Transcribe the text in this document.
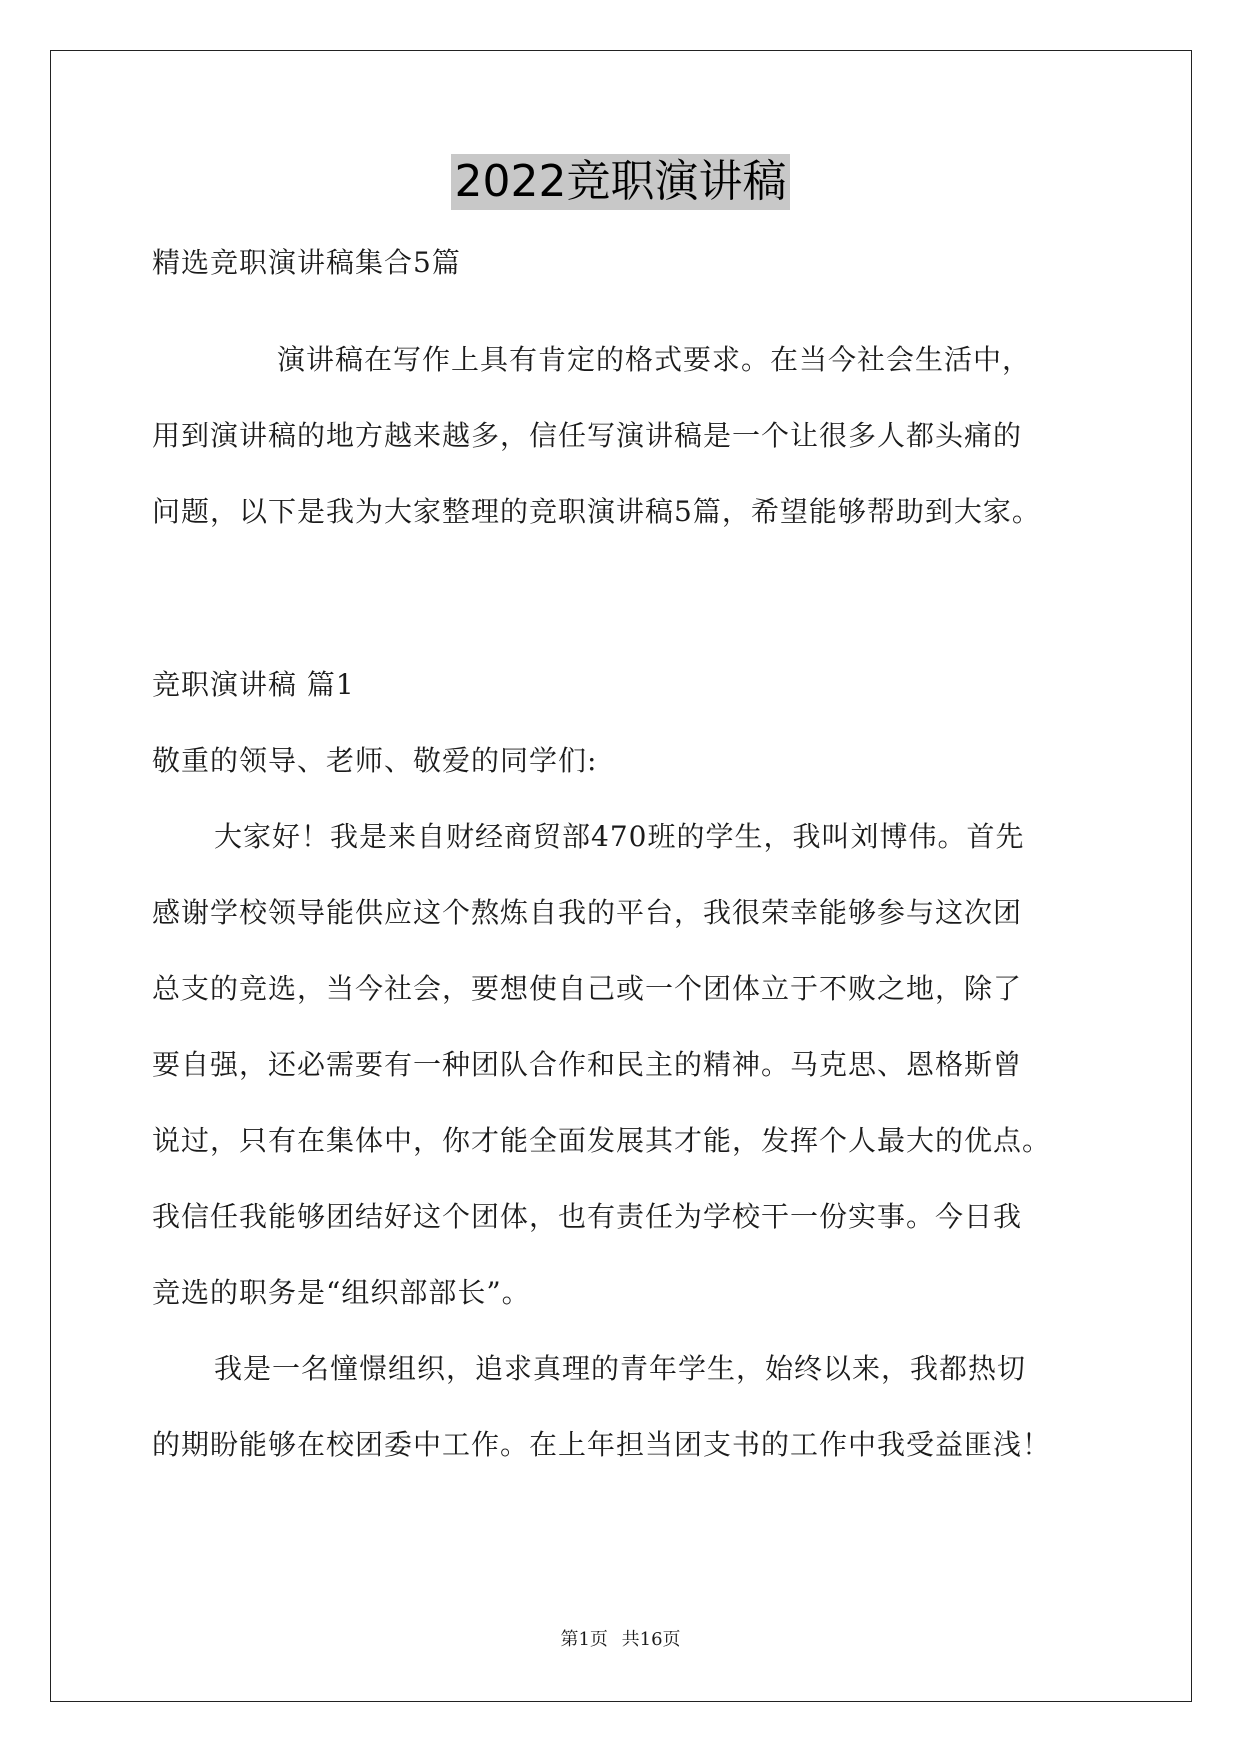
2022竞职演讲稿
精选竞职演讲稿集合5篇
演讲稿在写作上具有肯定的格式要求。在当今社会生活中，
用到演讲稿的地方越来越多，信任写演讲稿是一个让很多人都头痛的
问题，以下是我为大家整理的竞职演讲稿5篇，希望能够帮助到大家。
竞职演讲稿 篇1
敬重的领导、老师、敬爱的同学们:
大家好！我是来自财经商贸部470班的学生，我叫刘博伟。首先
感谢学校领导能供应这个熬炼自我的平台，我很荣幸能够参与这次团
总支的竞选，当今社会，要想使自己或一个团体立于不败之地，除了
要自强，还必需要有一种团队合作和民主的精神。马克思、恩格斯曾
说过，只有在集体中，你才能全面发展其才能，发挥个人最大的优点。
我信任我能够团结好这个团体，也有责任为学校干一份实事。今日我
竞选的职务是“组织部部长”。
我是一名憧憬组织，追求真理的青年学生，始终以来，我都热切
的期盼能够在校团委中工作。在上年担当团支书的工作中我受益匪浅！
第1页 共16页
